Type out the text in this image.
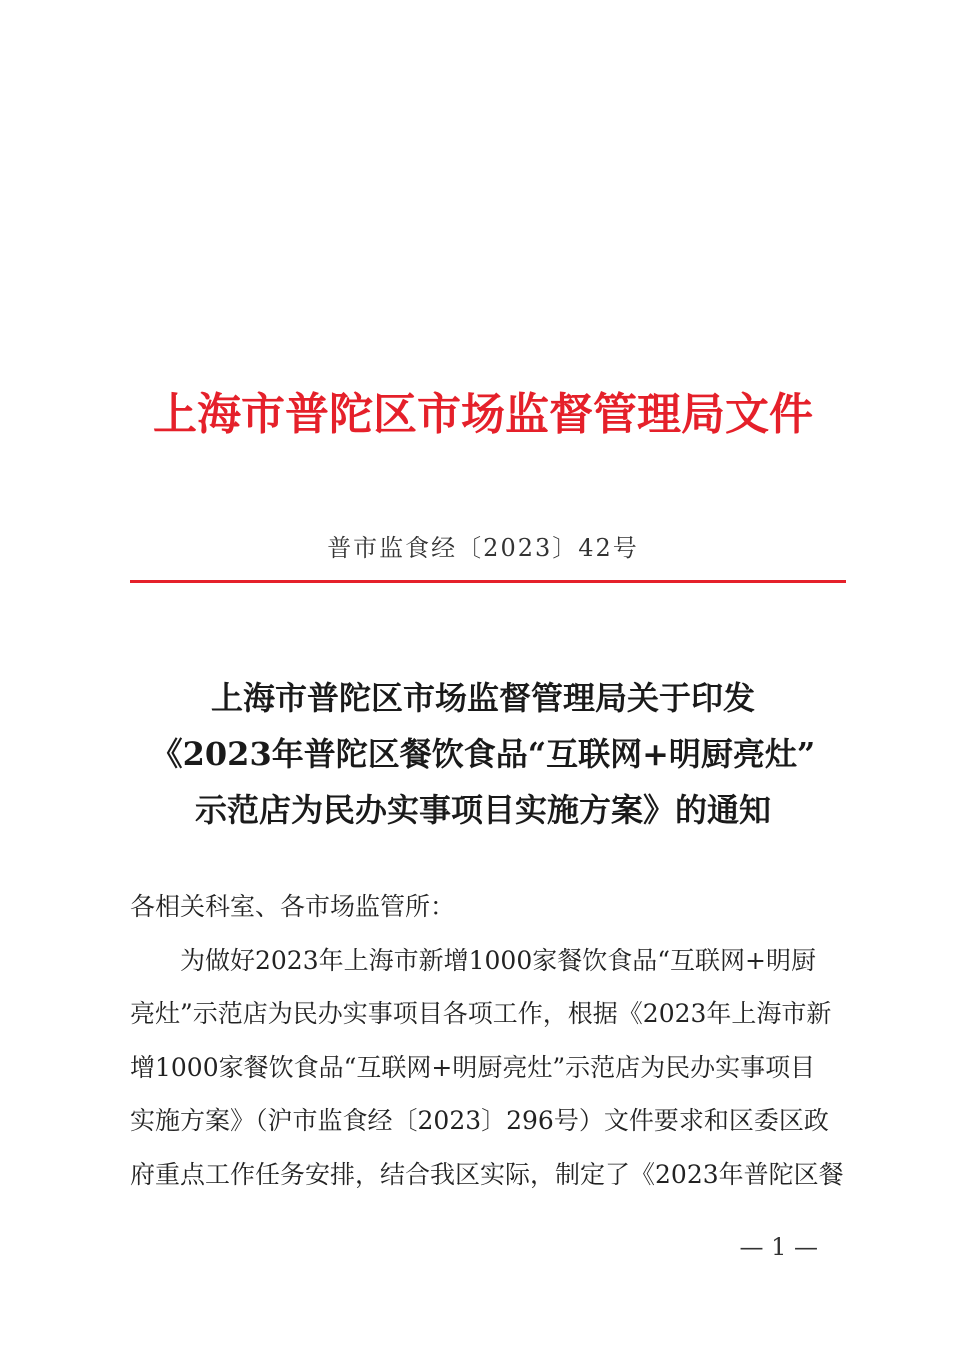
上海市普陀区市场监督管理局文件
普市监食经〔2023〕42号
上海市普陀区市场监督管理局关于印发
《2023年普陀区餐饮食品“互联网+明厨亮灶”
示范店为民办实事项目实施方案》的通知
各相关科室、各市场监管所：
为做好2023年上海市新增1000家餐饮食品“互联网+明厨
亮灶”示范店为民办实事项目各项工作，根据《2023年上海市新
增1000家餐饮食品“互联网+明厨亮灶”示范店为民办实事项目
实施方案》（沪市监食经〔2023〕296号）文件要求和区委区政
府重点工作任务安排，结合我区实际，制定了《2023年普陀区餐
— 1 —
